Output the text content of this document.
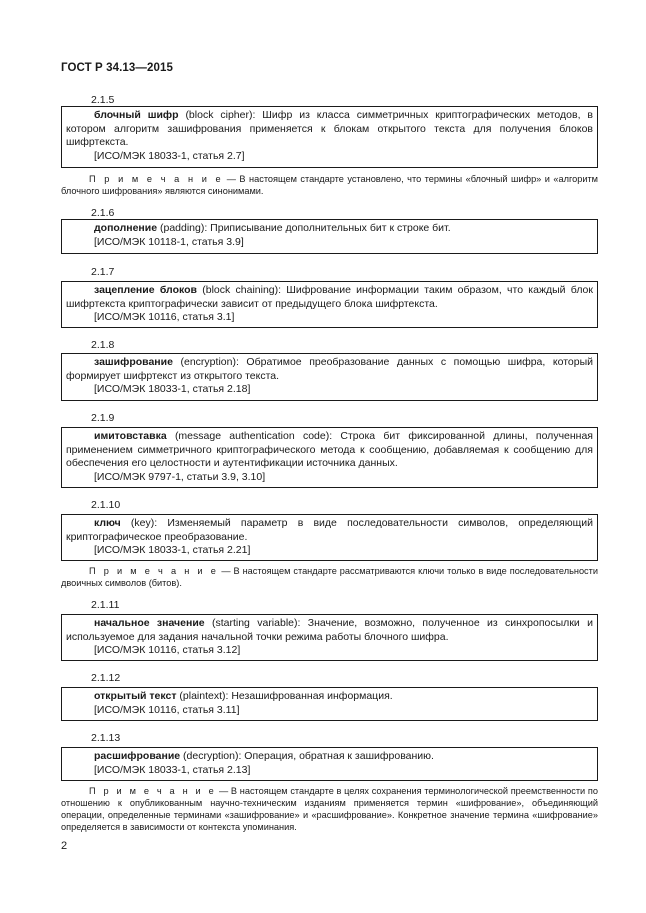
ГОСТ Р 34.13—2015
2.1.5

блочный шифр (block cipher): Шифр из класса симметричных криптографических методов, в котором алгоритм зашифрования применяется к блокам открытого текста для получения блоков шифртекста.

[ИСО/МЭК 18033-1, статья 2.7]

П р и м е ч а н и е — В настоящем стандарте установлено, что термины «блочный шифр» и «алгоритм блочного шифрования» являются синонимами.

2.1.6

дополнение (padding): Приписывание дополнительных бит к строке бит.

[ИСО/МЭК 10118-1, статья 3.9]

2.1.7

зацепление блоков (block chaining): Шифрование информации таким образом, что каждый блок шифртекста криптографически зависит от предыдущего блока шифртекста.

[ИСО/МЭК 10116, статья 3.1]

2.1.8

зашифрование (encryption): Обратимое преобразование данных с помощью шифра, который формирует шифртекст из открытого текста.

[ИСО/МЭК 18033-1, статья 2.18]

2.1.9

имитовставка (message authentication code): Строка бит фиксированной длины, полученная применением симметричного криптографического метода к сообщению, добавляемая к сообщению для обеспечения его целостности и аутентификации источника данных.

[ИСО/МЭК 9797-1, статьи 3.9, 3.10]

2.1.10

ключ (key): Изменяемый параметр в виде последовательности символов, определяющий криптографическое преобразование.

[ИСО/МЭК 18033-1, статья 2.21]

П р и м е ч а н и е — В настоящем стандарте рассматриваются ключи только в виде последовательности двоичных символов (битов).

2.1.11

начальное значение (starting variable): Значение, возможно, полученное из синхропосылки и используемое для задания начальной точки режима работы блочного шифра.

[ИСО/МЭК 10116, статья 3.12]

2.1.12

открытый текст (plaintext): Незашифрованная информация.

[ИСО/МЭК 10116, статья 3.11]

2.1.13

расшифрование (decryption): Операция, обратная к зашифрованию.

[ИСО/МЭК 18033-1, статья 2.13]

П р и м е ч а н и е — В настоящем стандарте в целях сохранения терминологической преемственности по отношению к опубликованным научно-техническим изданиям применяется термин «шифрование», объединяющий операции, определенные терминами «зашифрование» и «расшифрование». Конкретное значение термина «шифрование» определяется в зависимости от контекста упоминания.

2
